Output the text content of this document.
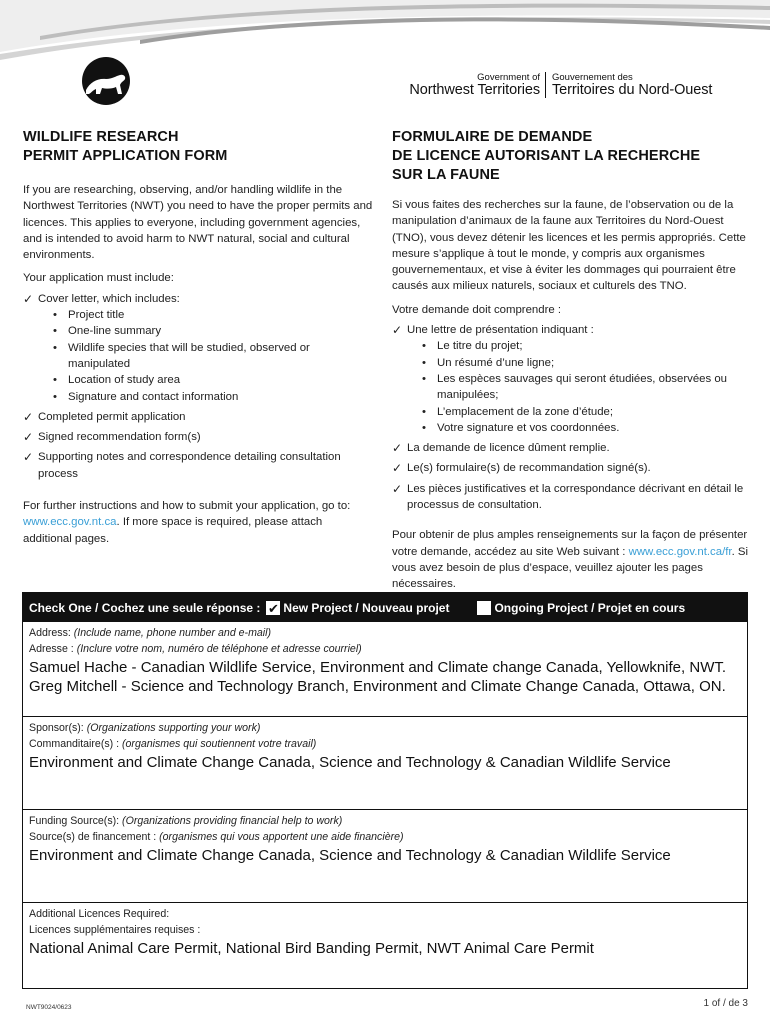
Government of
Northwest Territories
Gouvernement des
Territoires du Nord-Ouest
WILDLIFE RESEARCH
PERMIT APPLICATION FORM

If you are researching, observing, and/or handling wildlife in the Northwest Territories (NWT) you need to have the proper permits and licences. This applies to everyone, including government agencies, and is intended to avoid harm to NWT natural, social and cultural environments.

Your application must include:

✓ Cover letter, which includes:
• Project title
• One-line summary
• Wildlife species that will be studied, observed or manipulated
• Location of study area
• Signature and contact information
✓ Completed permit application
✓ Signed recommendation form(s)
✓ Supporting notes and correspondence detailing consultation process

For further instructions and how to submit your application, go to: www.ecc.gov.nt.ca. If more space is required, please attach additional pages.

FORMULAIRE DE DEMANDE
DE LICENCE AUTORISANT LA RECHERCHE
SUR LA FAUNE

Si vous faites des recherches sur la faune, de l’observation ou de la manipulation d’animaux de la faune aux Territoires du Nord-Ouest (TNO), vous devez détenir les licences et les permis appropriés. Cette mesure s’applique à tout le monde, y compris aux organismes gouvernementaux, et vise à éviter les dommages qui pourraient être causés aux milieux naturels, sociaux et culturels des TNO.

Votre demande doit comprendre :

✓ Une lettre de présentation indiquant :
• Le titre du projet;
• Un résumé d’une ligne;
• Les espèces sauvages qui seront étudiées, observées ou manipulées;
• L’emplacement de la zone d’étude;
• Votre signature et vos coordonnées.
✓ La demande de licence dûment remplie.
✓ Le(s) formulaire(s) de recommandation signé(s).
✓ Les pièces justificatives et la correspondance décrivant en détail le processus de consultation.

Pour obtenir de plus amples renseignements sur la façon de présenter votre demande, accédez au site Web suivant : www.ecc.gov.nt.ca/fr. Si vous avez besoin de plus d’espace, veuillez ajouter les pages nécessaires.

Check One / Cochez une seule réponse : ✔ New Project / Nouveau projet	Ongoing Project / Projet en cours
Address: (Include name, phone number and e-mail)
Adresse : (Inclure votre nom, numéro de téléphone et adresse courriel)
Samuel Hache - Canadian Wildlife Service, Environment and Climate change Canada, Yellowknife, NWT.
Greg Mitchell - Science and Technology Branch, Environment and Climate Change Canada, Ottawa, ON.
Sponsor(s): (Organizations supporting your work)
Commanditaire(s) : (organismes qui soutiennent votre travail)
Environment and Climate Change Canada, Science and Technology & Canadian Wildlife Service
Funding Source(s): (Organizations providing financial help to work)
Source(s) de financement : (organismes qui vous apportent une aide financière)
Environment and Climate Change Canada, Science and Technology & Canadian Wildlife Service
Additional Licences Required:
Licences supplémentaires requises :
National Animal Care Permit, National Bird Banding Permit, NWT Animal Care Permit
NWT9024/0623	1 of / de 3
